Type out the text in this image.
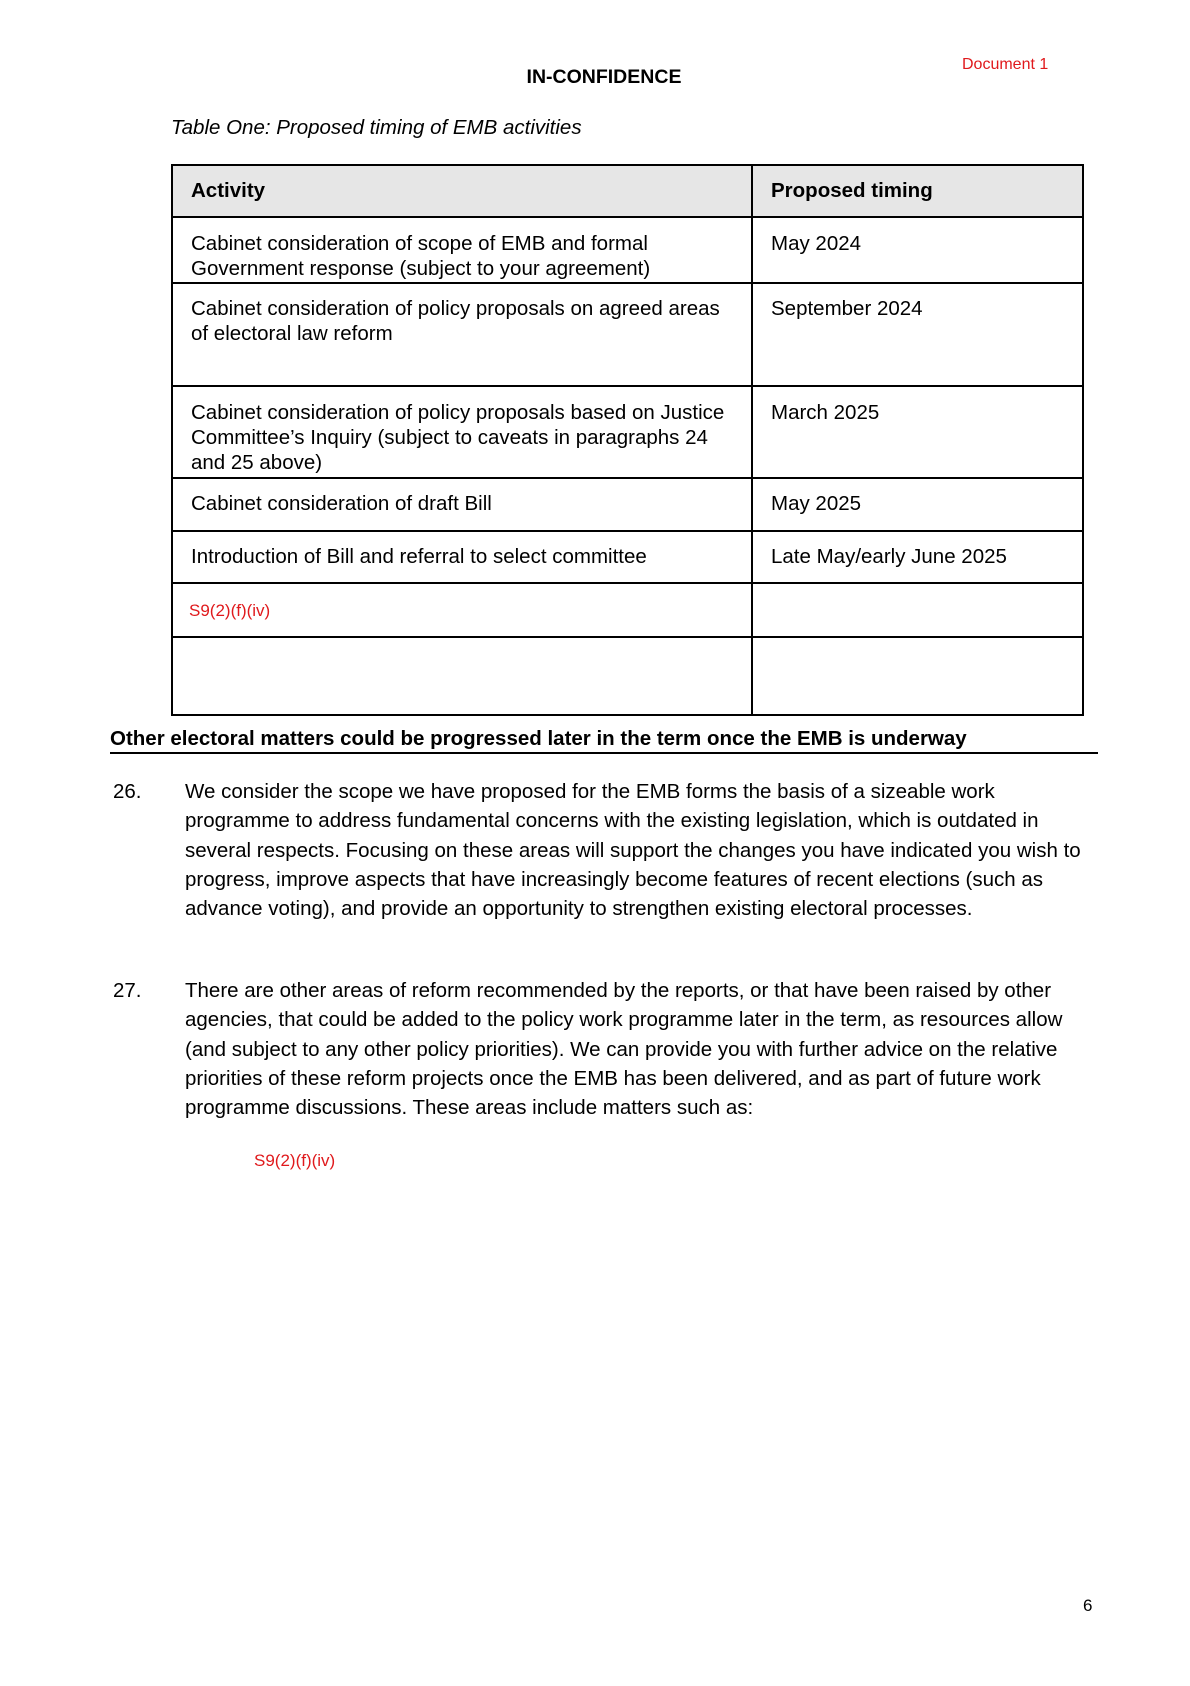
Document 1
IN-CONFIDENCE
Table One: Proposed timing of EMB activities
Activity	Proposed timing
Cabinet consideration of scope of EMB and formal Government response (subject to your agreement)	May 2024
Cabinet consideration of policy proposals on agreed areas of electoral law reform	September 2024
Cabinet consideration of policy proposals based on Justice Committee’s Inquiry (subject to caveats in paragraphs 24 and 25 above)	March 2025
Cabinet consideration of draft Bill	May 2025
Introduction of Bill and referral to select committee	Late May/early June 2025
S9(2)(f)(iv)	

Other electoral matters could be progressed later in the term once the EMB is underway
26. We consider the scope we have proposed for the EMB forms the basis of a sizeable work programme to address fundamental concerns with the existing legislation, which is outdated in several respects. Focusing on these areas will support the changes you have indicated you wish to progress, improve aspects that have increasingly become features of recent elections (such as advance voting), and provide an opportunity to strengthen existing electoral processes.
27. There are other areas of reform recommended by the reports, or that have been raised by other agencies, that could be added to the policy work programme later in the term, as resources allow (and subject to any other policy priorities). We can provide you with further advice on the relative priorities of these reform projects once the EMB has been delivered, and as part of future work programme discussions. These areas include matters such as:
S9(2)(f)(iv)
6
